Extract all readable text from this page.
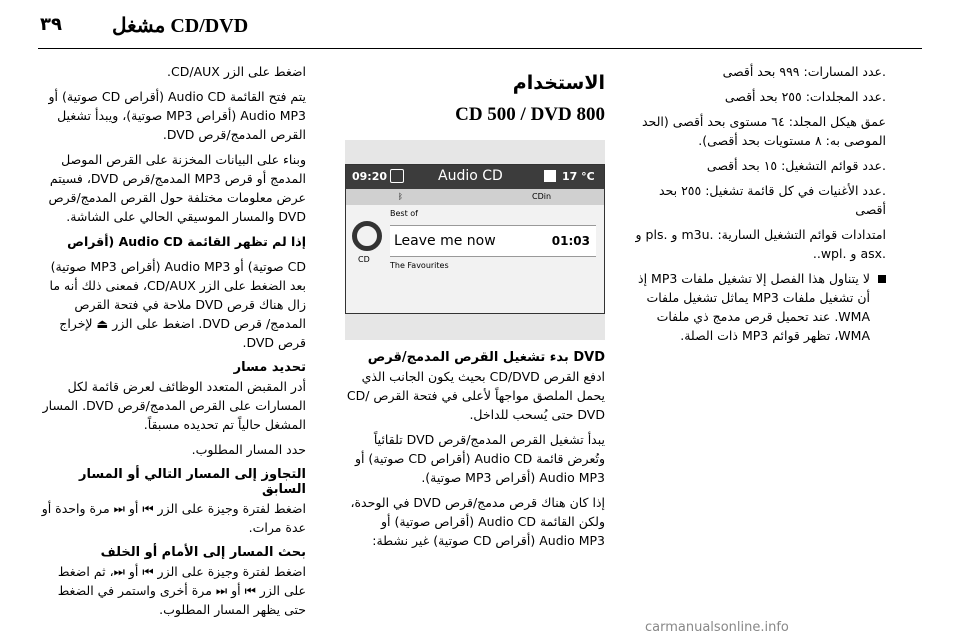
٣٩	CD/DVD مشغل

.عدد المسارات: ٩٩٩ بحد أقصى

.عدد المجلدات: ٢٥٥ بحد أقصى

عمق هيكل المجلد: ٦٤ مستوى بحد أقصى (الحد الموصى به: ٨ مستويات بحد أقصى).

.عدد قوائم التشغيل: ١٥ بحد أقصى

.عدد الأغنيات في كل قائمة تشغيل: ٢٥٥ بحد أقصى

امتدادات قوائم التشغيل السارية: .m3u و .pls و .asx و .wpl..

لا يتناول هذا الفصل إلا تشغيل ملفات MP3 إذ أن تشغيل ملفات MP3 يماثل تشغيل ملفات WMA. عند تحميل قرص مدمج ذي ملفات WMA، تظهر قوائم MP3 ذات الصلة.

الاستخدام
CD 500 / DVD 800
09:20	Audio CD	17 °C
ᛒ	CDin
Best of
CD
Leave me now	01:03
The Favourites
DVD بدء تشغيل القرص المدمج/قرص

ادفع القرص CD/DVD بحيث يكون الجانب الذي يحمل الملصق مواجهاً لأعلى في فتحة القرص CD/ DVD حتى يُسحب للداخل.

يبدأ تشغيل القرص المدمج/قرص DVD تلقائياً وتُعرض قائمة Audio CD (أقراص CD صوتية) أو Audio MP3 (أقراص MP3 صوتية).

إذا كان هناك قرص مدمج/قرص DVD في الوحدة، ولكن القائمة Audio CD (أقراص صوتية) أو Audio MP3 (أقراص CD صوتية) غير نشطة:

اضغط على الزر CD/AUX.

يتم فتح القائمة Audio CD (أقراص CD صوتية) أو Audio MP3 (أقراص MP3 صوتية)، ويبدأ تشغيل القرص المدمج/قرص DVD.

وبناء على البيانات المخزنة على القرص الموصل المدمج أو قرص MP3 المدمج/قرص DVD، فسيتم عرض معلومات مختلفة حول القرص المدمج/قرص DVD والمسار الموسيقي الحالي على الشاشة.

إذا لم تظهر القائمة Audio CD (أقراص

CD صوتية) أو Audio MP3 (أقراص MP3 صوتية) بعد الضغط على الزر CD/AUX، فمعنى ذلك أنه ما زال هناك قرص DVD ملاحة في فتحة القرص المدمج/ قرص DVD. اضغط على الزر ⏏ لإخراج قرص DVD.

تحديد مسار

أدر المقبض المتعدد الوظائف لعرض قائمة لكل المسارات على القرص المدمج/قرص DVD. المسار المشغل حالياً تم تحديده مسبقاً.

حدد المسار المطلوب.

التجاوز إلى المسار التالي أو المسار السابق

اضغط لفترة وجيزة على الزر ⏮ أو ⏭ مرة واحدة أو عدة مرات.

بحث المسار إلى الأمام أو الخلف

اضغط لفترة وجيزة على الزر ⏮ أو ⏭، ثم اضغط على الزر ⏮ أو ⏭ مرة أخرى واستمر في الضغط حتى يظهر المسار المطلوب.

carmanualsonline.info
